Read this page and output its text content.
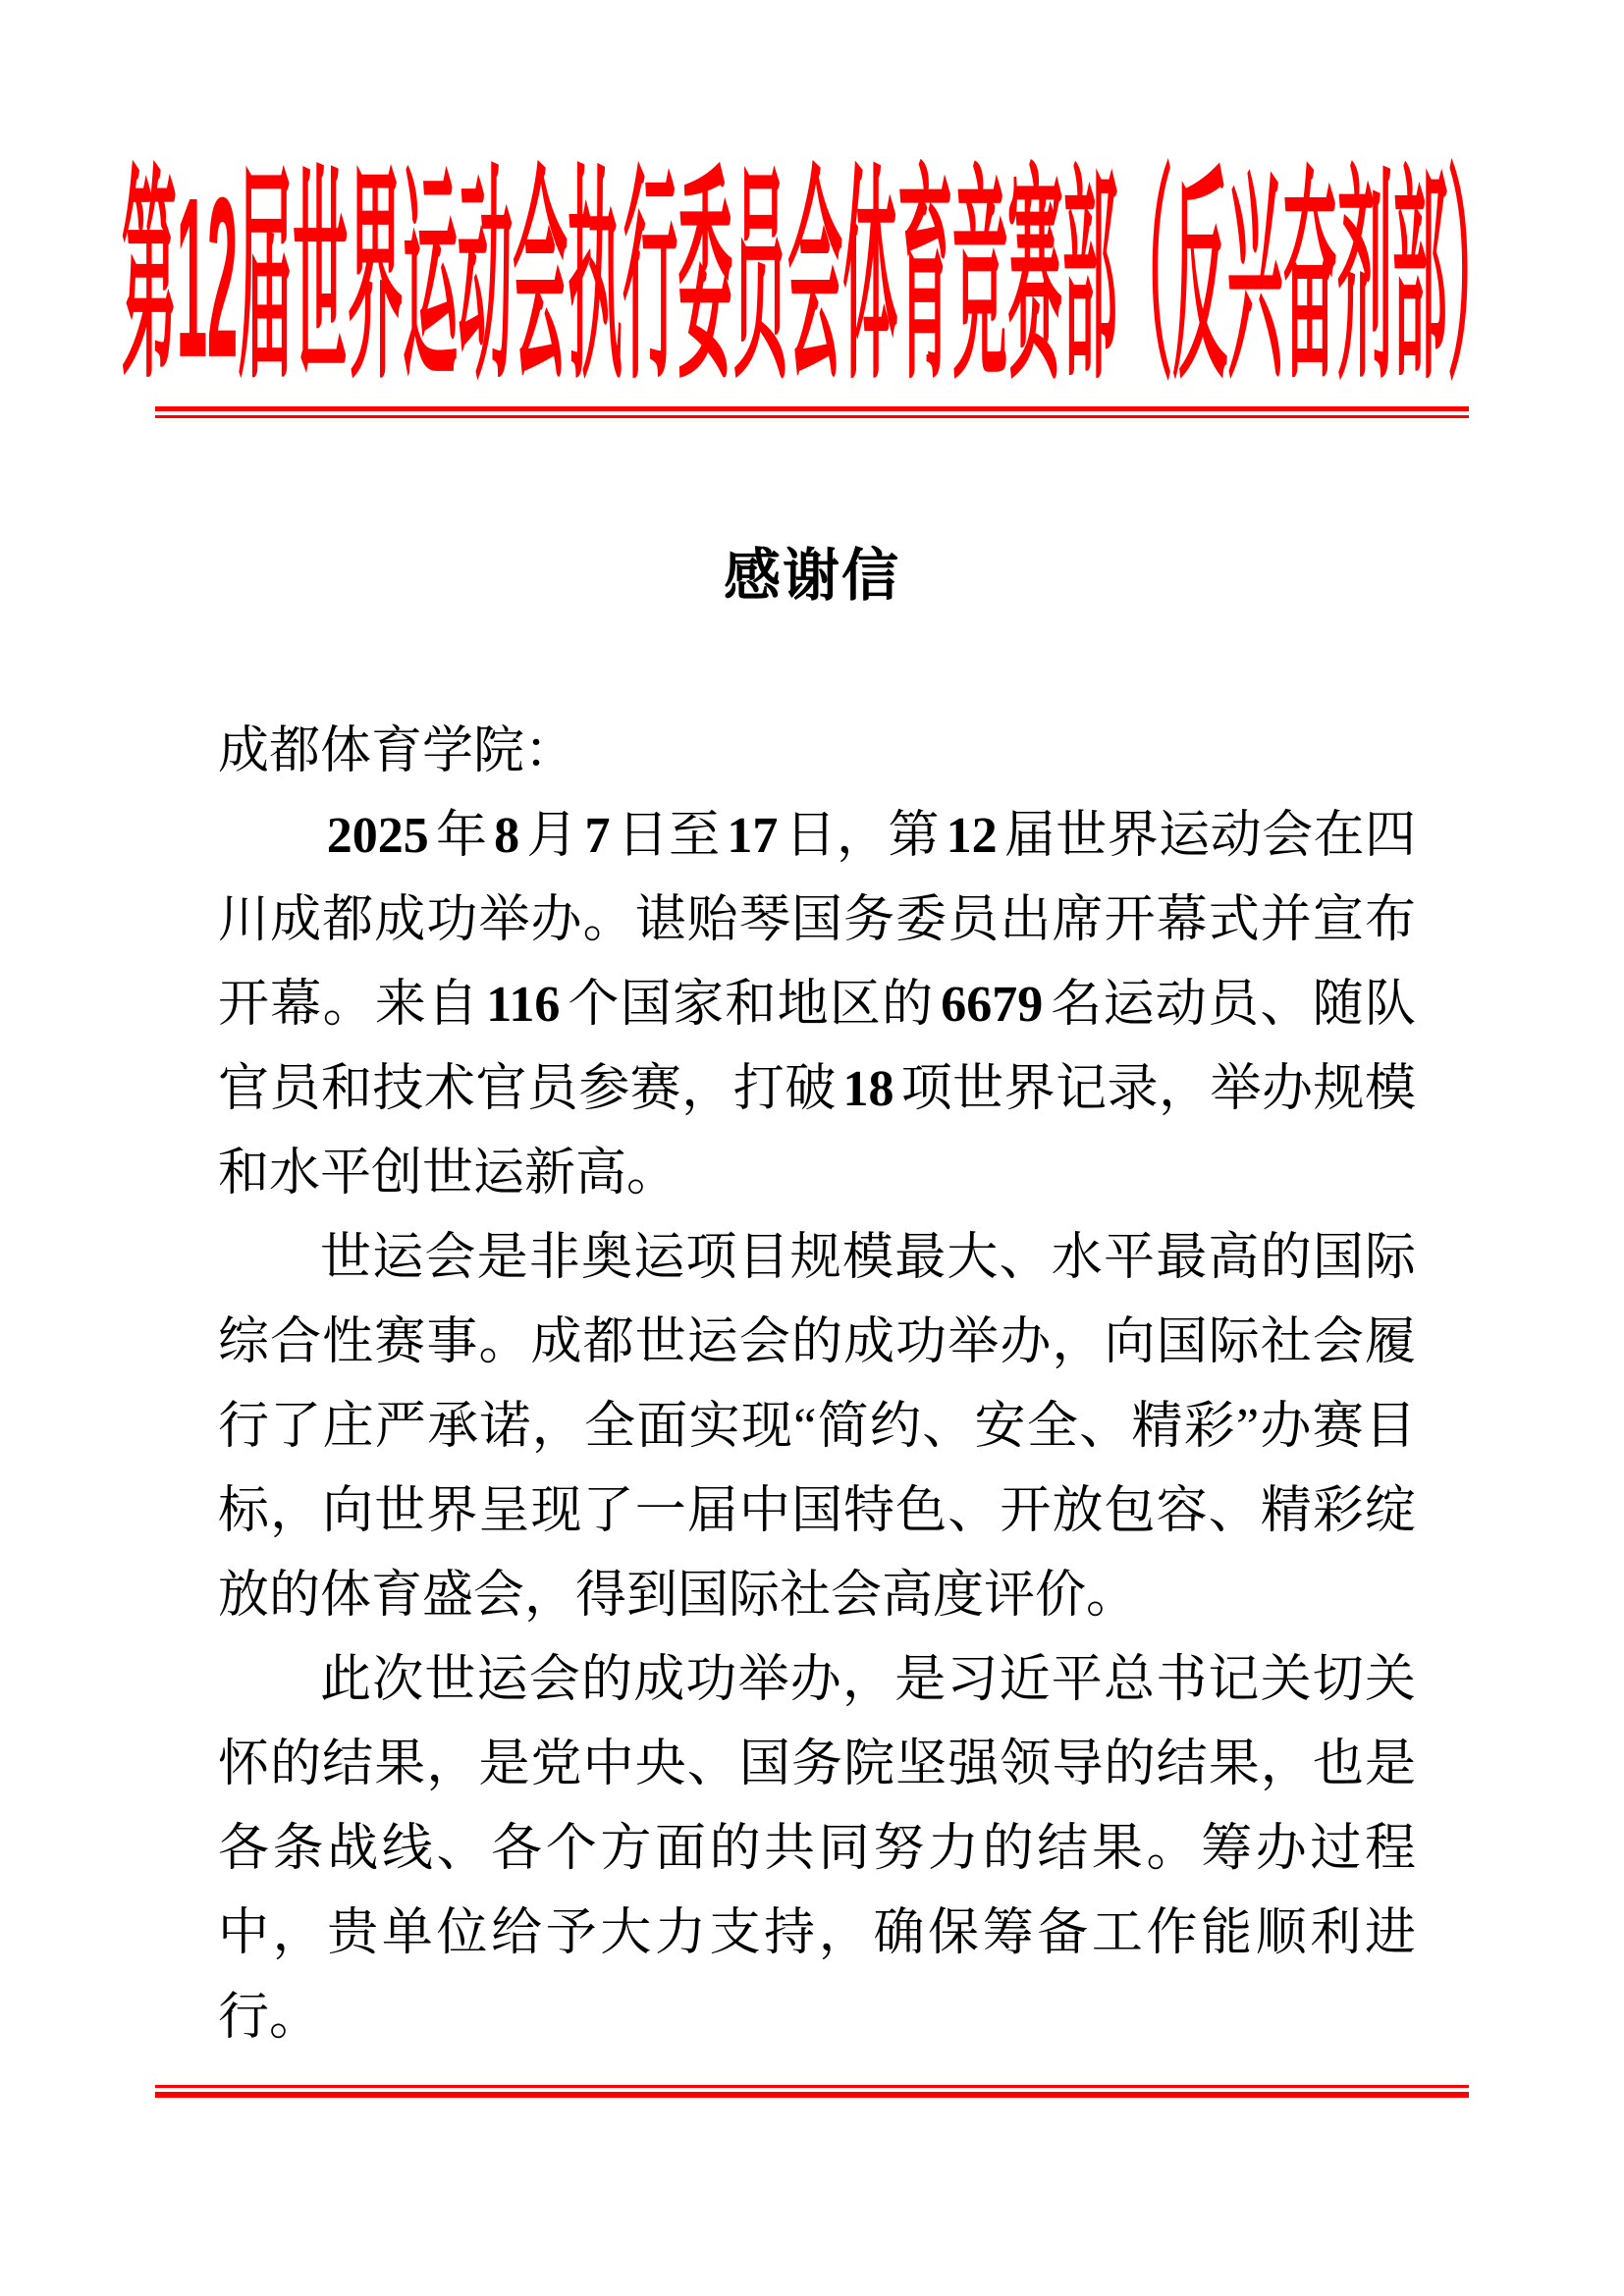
第12届世界运动会执行委员会体育竞赛部（反兴奋剂部）
感谢信

成都体育学院：

2025 年 8 月 7 日至 17 日，第 12 届世界运动会在四川成都成功举办。谌贻琴国务委员出席开幕式并宣布开幕。来自 116 个国家和地区的 6679 名运动员、随队官员和技术官员参赛，打破 18 项世界记录，举办规模和水平创世运新高。

世运会是非奥运项目规模最大、水平最高的国际综合性赛事。成都世运会的成功举办，向国际社会履行了庄严承诺，全面实现“简约、安全、精彩”办赛目标，向世界呈现了一届中国特色、开放包容、精彩绽放的体育盛会，得到国际社会高度评价。

此次世运会的成功举办，是习近平总书记关切关怀的结果，是党中央、国务院坚强领导的结果，也是各条战线、各个方面的共同努力的结果。筹办过程中，贵单位给予大力支持，确保筹备工作能顺利进行。
